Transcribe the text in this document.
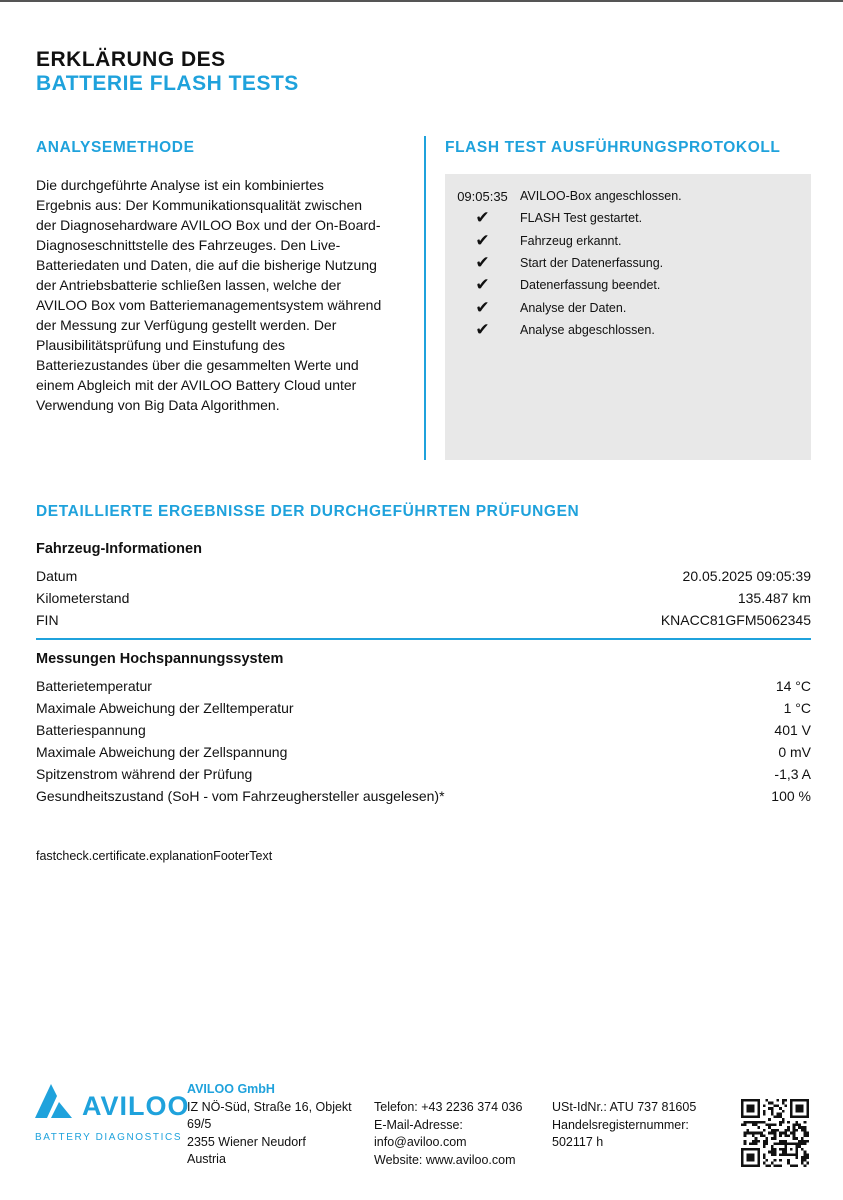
ERKLÄRUNG DES
BATTERIE FLASH TESTS
ANALYSEMETHODE
Die durchgeführte Analyse ist ein kombiniertes
Ergebnis aus: Der Kommunikationsqualität zwischen
der Diagnosehardware AVILOO Box und der On-Board-
Diagnoseschnittstelle des Fahrzeuges. Den Live-
Batteriedaten und Daten, die auf die bisherige Nutzung
der Antriebsbatterie schließen lassen, welche der
AVILOO Box vom Batteriemanagementsystem während
der Messung zur Verfügung gestellt werden. Der
Plausibilitätsprüfung und Einstufung des
Batteriezustandes über die gesammelten Werte und
einem Abgleich mit der AVILOO Battery Cloud unter
Verwendung von Big Data Algorithmen.
FLASH TEST AUSFÜHRUNGSPROTOKOLL
09:05:35 AVILOO-Box angeschlossen.
✔	FLASH Test gestartet.
✔	Fahrzeug erkannt.
✔	Start der Datenerfassung.
✔	Datenerfassung beendet.
✔	Analyse der Daten.
✔	Analyse abgeschlossen.
DETAILLIERTE ERGEBNISSE DER DURCHGEFÜHRTEN PRÜFUNGEN
Fahrzeug-Informationen
Datum	20.05.2025 09:05:39
Kilometerstand	135.487 km
FIN	KNACC81GFM5062345
Messungen Hochspannungssystem
Batterietemperatur	14 °C
Maximale Abweichung der Zelltemperatur	1 °C
Batteriespannung	401 V
Maximale Abweichung der Zellspannung	0 mV
Spitzenstrom während der Prüfung	-1,3 A
Gesundheitszustand (SoH - vom Fahrzeughersteller ausgelesen)*	100 %
fastcheck.certificate.explanationFooterText
AVILOO
BATTERY DIAGNOSTICS
AVILOO GmbH
IZ NÖ-Süd, Straße 16, Objekt
69/5
2355 Wiener Neudorf
Austria
Telefon: +43 2236 374 036
E-Mail-Adresse:
info@aviloo.com
Website: www.aviloo.com
USt-IdNr.: ATU 737 81605
Handelsregisternummer:
502117 h
